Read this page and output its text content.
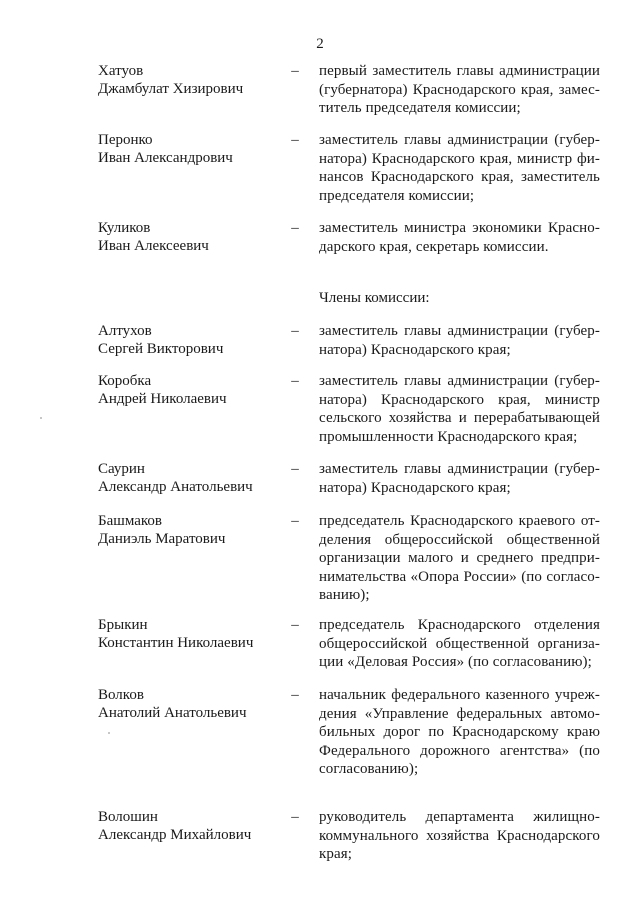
2
Хатуов
Джамбулат Хизирович
– первый заместитель главы администрации
(губернатора) Краснодарского края, замес-
титель председателя комиссии;
Перонко
Иван Александрович
– заместитель главы администрации (губер-
натора) Краснодарского края, министр фи-
нансов Краснодарского края, заместитель
председателя комиссии;
Куликов
Иван Алексеевич
– заместитель министра экономики Красно-
дарского края, секретарь комиссии.
Члены комиссии:
Алтухов
Сергей Викторович
– заместитель главы администрации (губер-
натора) Краснодарского края;
Коробка
Андрей Николаевич
– заместитель главы администрации (губер-
натора) Краснодарского края, министр
сельского хозяйства и перерабатывающей
промышленности Краснодарского края;
Саурин
Александр Анатольевич
– заместитель главы администрации (губер-
натора) Краснодарского края;
Башмаков
Даниэль Маратович
– председатель Краснодарского краевого от-
деления общероссийской общественной
организации малого и среднего предпри-
нимательства «Опора России» (по согласо-
ванию);
Брыкин
Константин Николаевич
– председатель Краснодарского отделения
общероссийской общественной организа-
ции «Деловая Россия» (по согласованию);
Волков
Анатолий Анатольевич
– начальник федерального казенного учреж-
дения «Управление федеральных автомо-
бильных дорог по Краснодарскому краю
Федерального дорожного агентства» (по
согласованию);
Волошин
Александр Михайлович
– руководитель департамента жилищно-
коммунального хозяйства Краснодарского
края;
